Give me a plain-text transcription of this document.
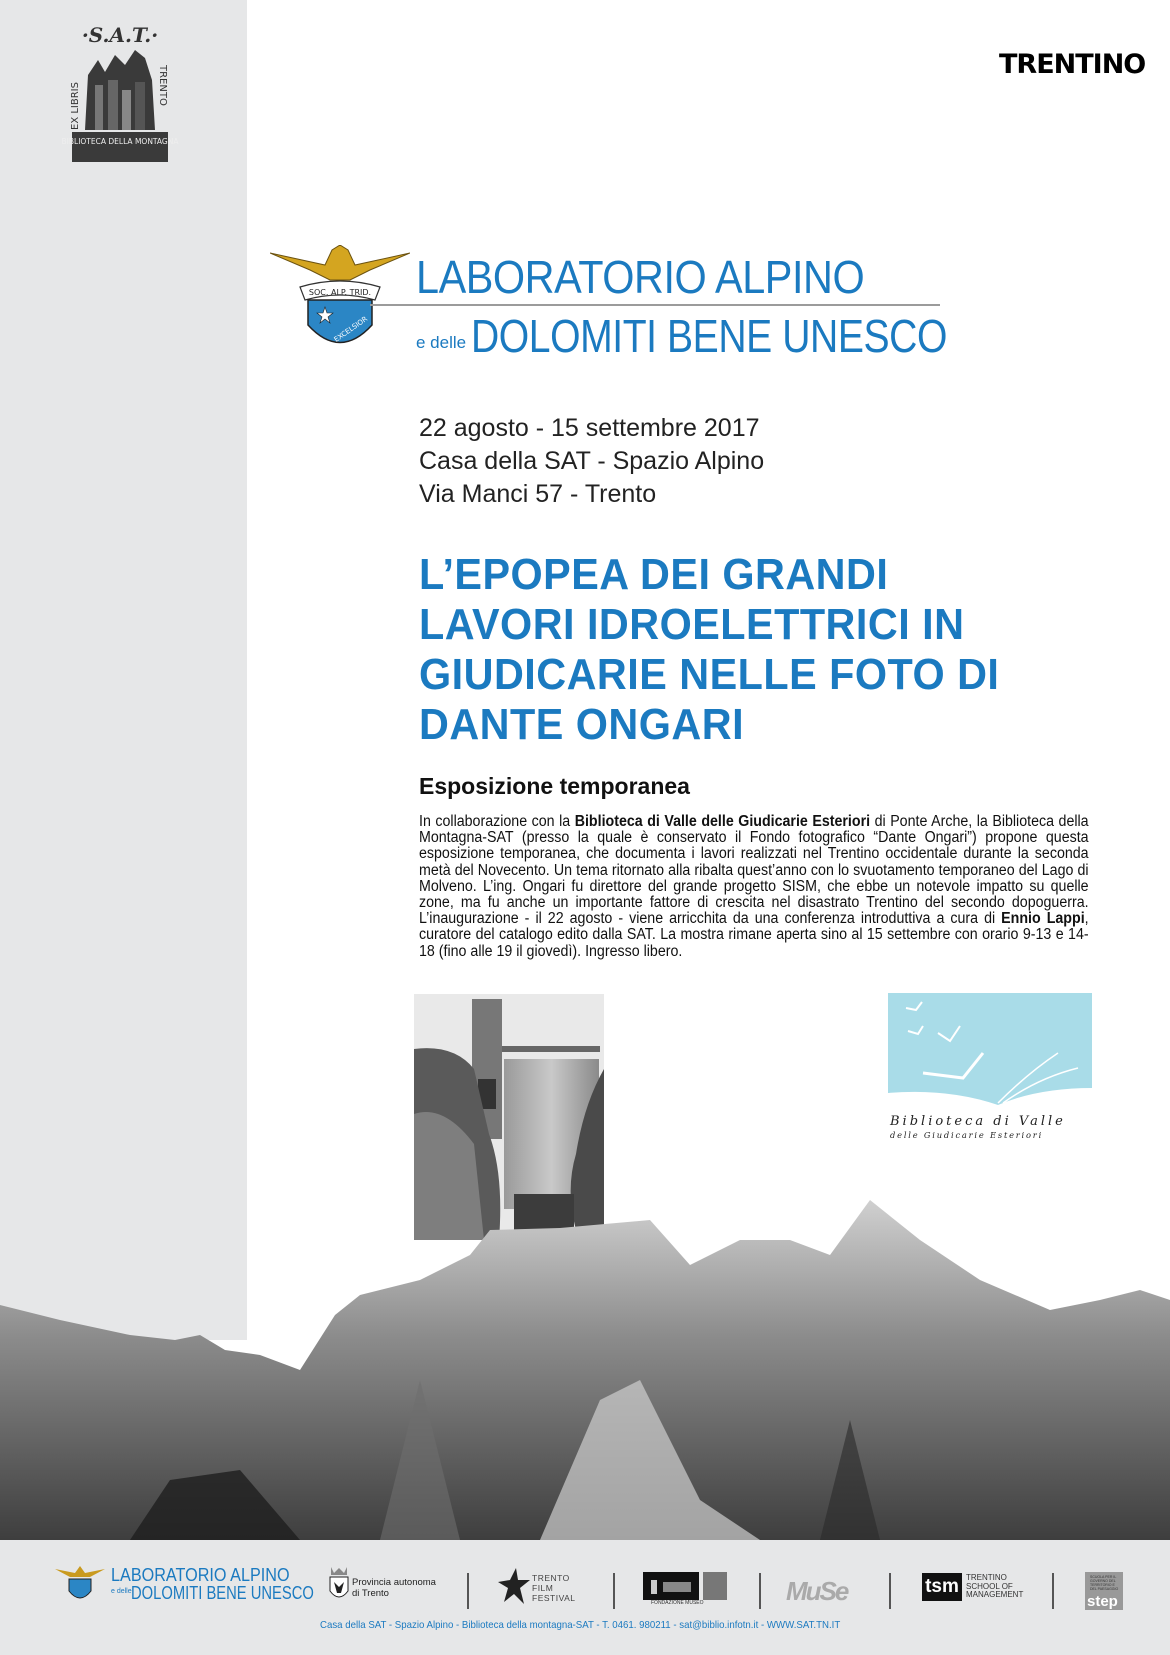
·S.A.T.·
EX LIBRIS	TRENTO
BIBLIOTECA DELLA MONTAGNA
TRENTINO
SOC. ALP. TRID.
EXCELSIOR
LABORATORIO ALPINO
e delle DOLOMITI BENE UNESCO
22 agosto - 15 settembre 2017
Casa della SAT - Spazio Alpino
Via Manci 57 - Trento
L’EPOPEA DEI GRANDI
LAVORI IDROELETTRICI IN
GIUDICARIE NELLE FOTO DI
DANTE ONGARI
Esposizione temporanea
In collaborazione con la Biblioteca di Valle delle Giudicarie Esteriori di Ponte Arche, la Biblioteca della Montagna-SAT (presso la quale è conservato il Fondo fotografico “Dante Ongari”) propone questa esposizione temporanea, che documenta i lavori realizzati nel Trentino occidentale durante la seconda metà del Novecento. Un tema ritornato alla ribalta quest’anno con lo svuotamento temporaneo del Lago di Molveno. L’ing. Ongari fu direttore del grande progetto SISM, che ebbe un notevole impatto su quelle zone, ma fu anche un importante fattore di crescita nel disastrato Trentino del secondo dopoguerra. L’inaugurazione - il 22 agosto - viene arricchita da una conferenza introduttiva a cura di Ennio Lappi, curatore del catalogo edito dalla SAT. La mostra rimane aperta sino al 15 settembre con orario 9-13 e 14-18 (fino alle 19 il giovedì). Ingresso libero.
Biblioteca di Valle
delle Giudicarie Esteriori
LABORATORIO ALPINO
e delle DOLOMITI BENE UNESCO
Provincia autonoma
di Trento
TRENTO
FILM
FESTIVAL	FONDAZIONE MUSEO	MuSe	tsm TRENTINO
SCHOOL OF
MANAGEMENT
SCUOLA PER IL GOVERNO DEL TERRITORIO E DEL PAESAGGIO
step
Casa della SAT - Spazio Alpino - Biblioteca della montagna-SAT - T. 0461. 980211 - sat@biblio.infotn.it - WWW.SAT.TN.IT
